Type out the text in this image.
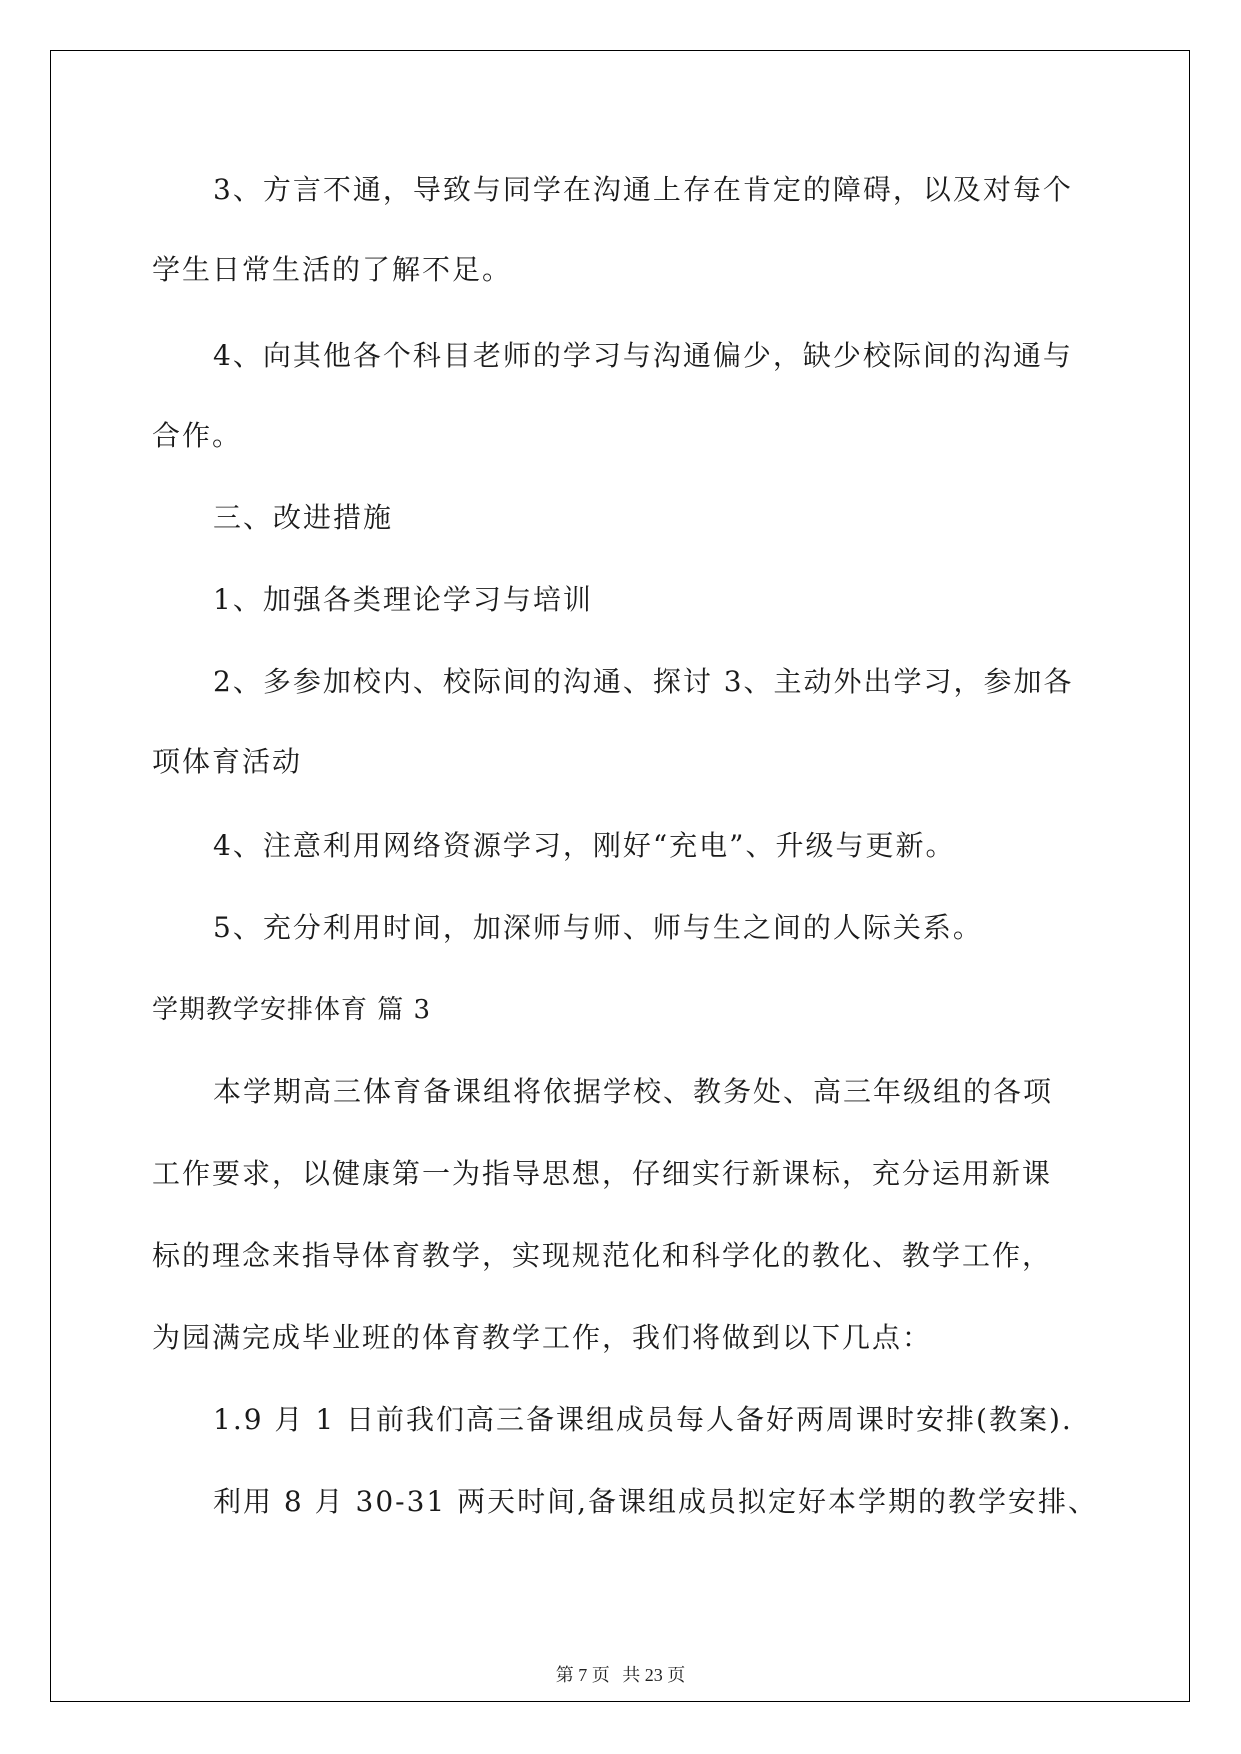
3、方言不通，导致与同学在沟通上存在肯定的障碍，以及对每个
学生日常生活的了解不足。
4、向其他各个科目老师的学习与沟通偏少，缺少校际间的沟通与
合作。
三、改进措施
1、加强各类理论学习与培训
2、多参加校内、校际间的沟通、探讨 3、主动外出学习，参加各
项体育活动
4、注意利用网络资源学习，刚好“充电”、升级与更新。
5、充分利用时间，加深师与师、师与生之间的人际关系。
学期教学安排体育 篇 3
本学期高三体育备课组将依据学校、教务处、高三年级组的各项
工作要求，以健康第一为指导思想，仔细实行新课标，充分运用新课
标的理念来指导体育教学，实现规范化和科学化的教化、教学工作，
为园满完成毕业班的体育教学工作，我们将做到以下几点：
1.9 月 1 日前我们高三备课组成员每人备好两周课时安排(教案).
利用 8 月 30-31 两天时间,备课组成员拟定好本学期的教学安排、
第 7 页 共 23 页
